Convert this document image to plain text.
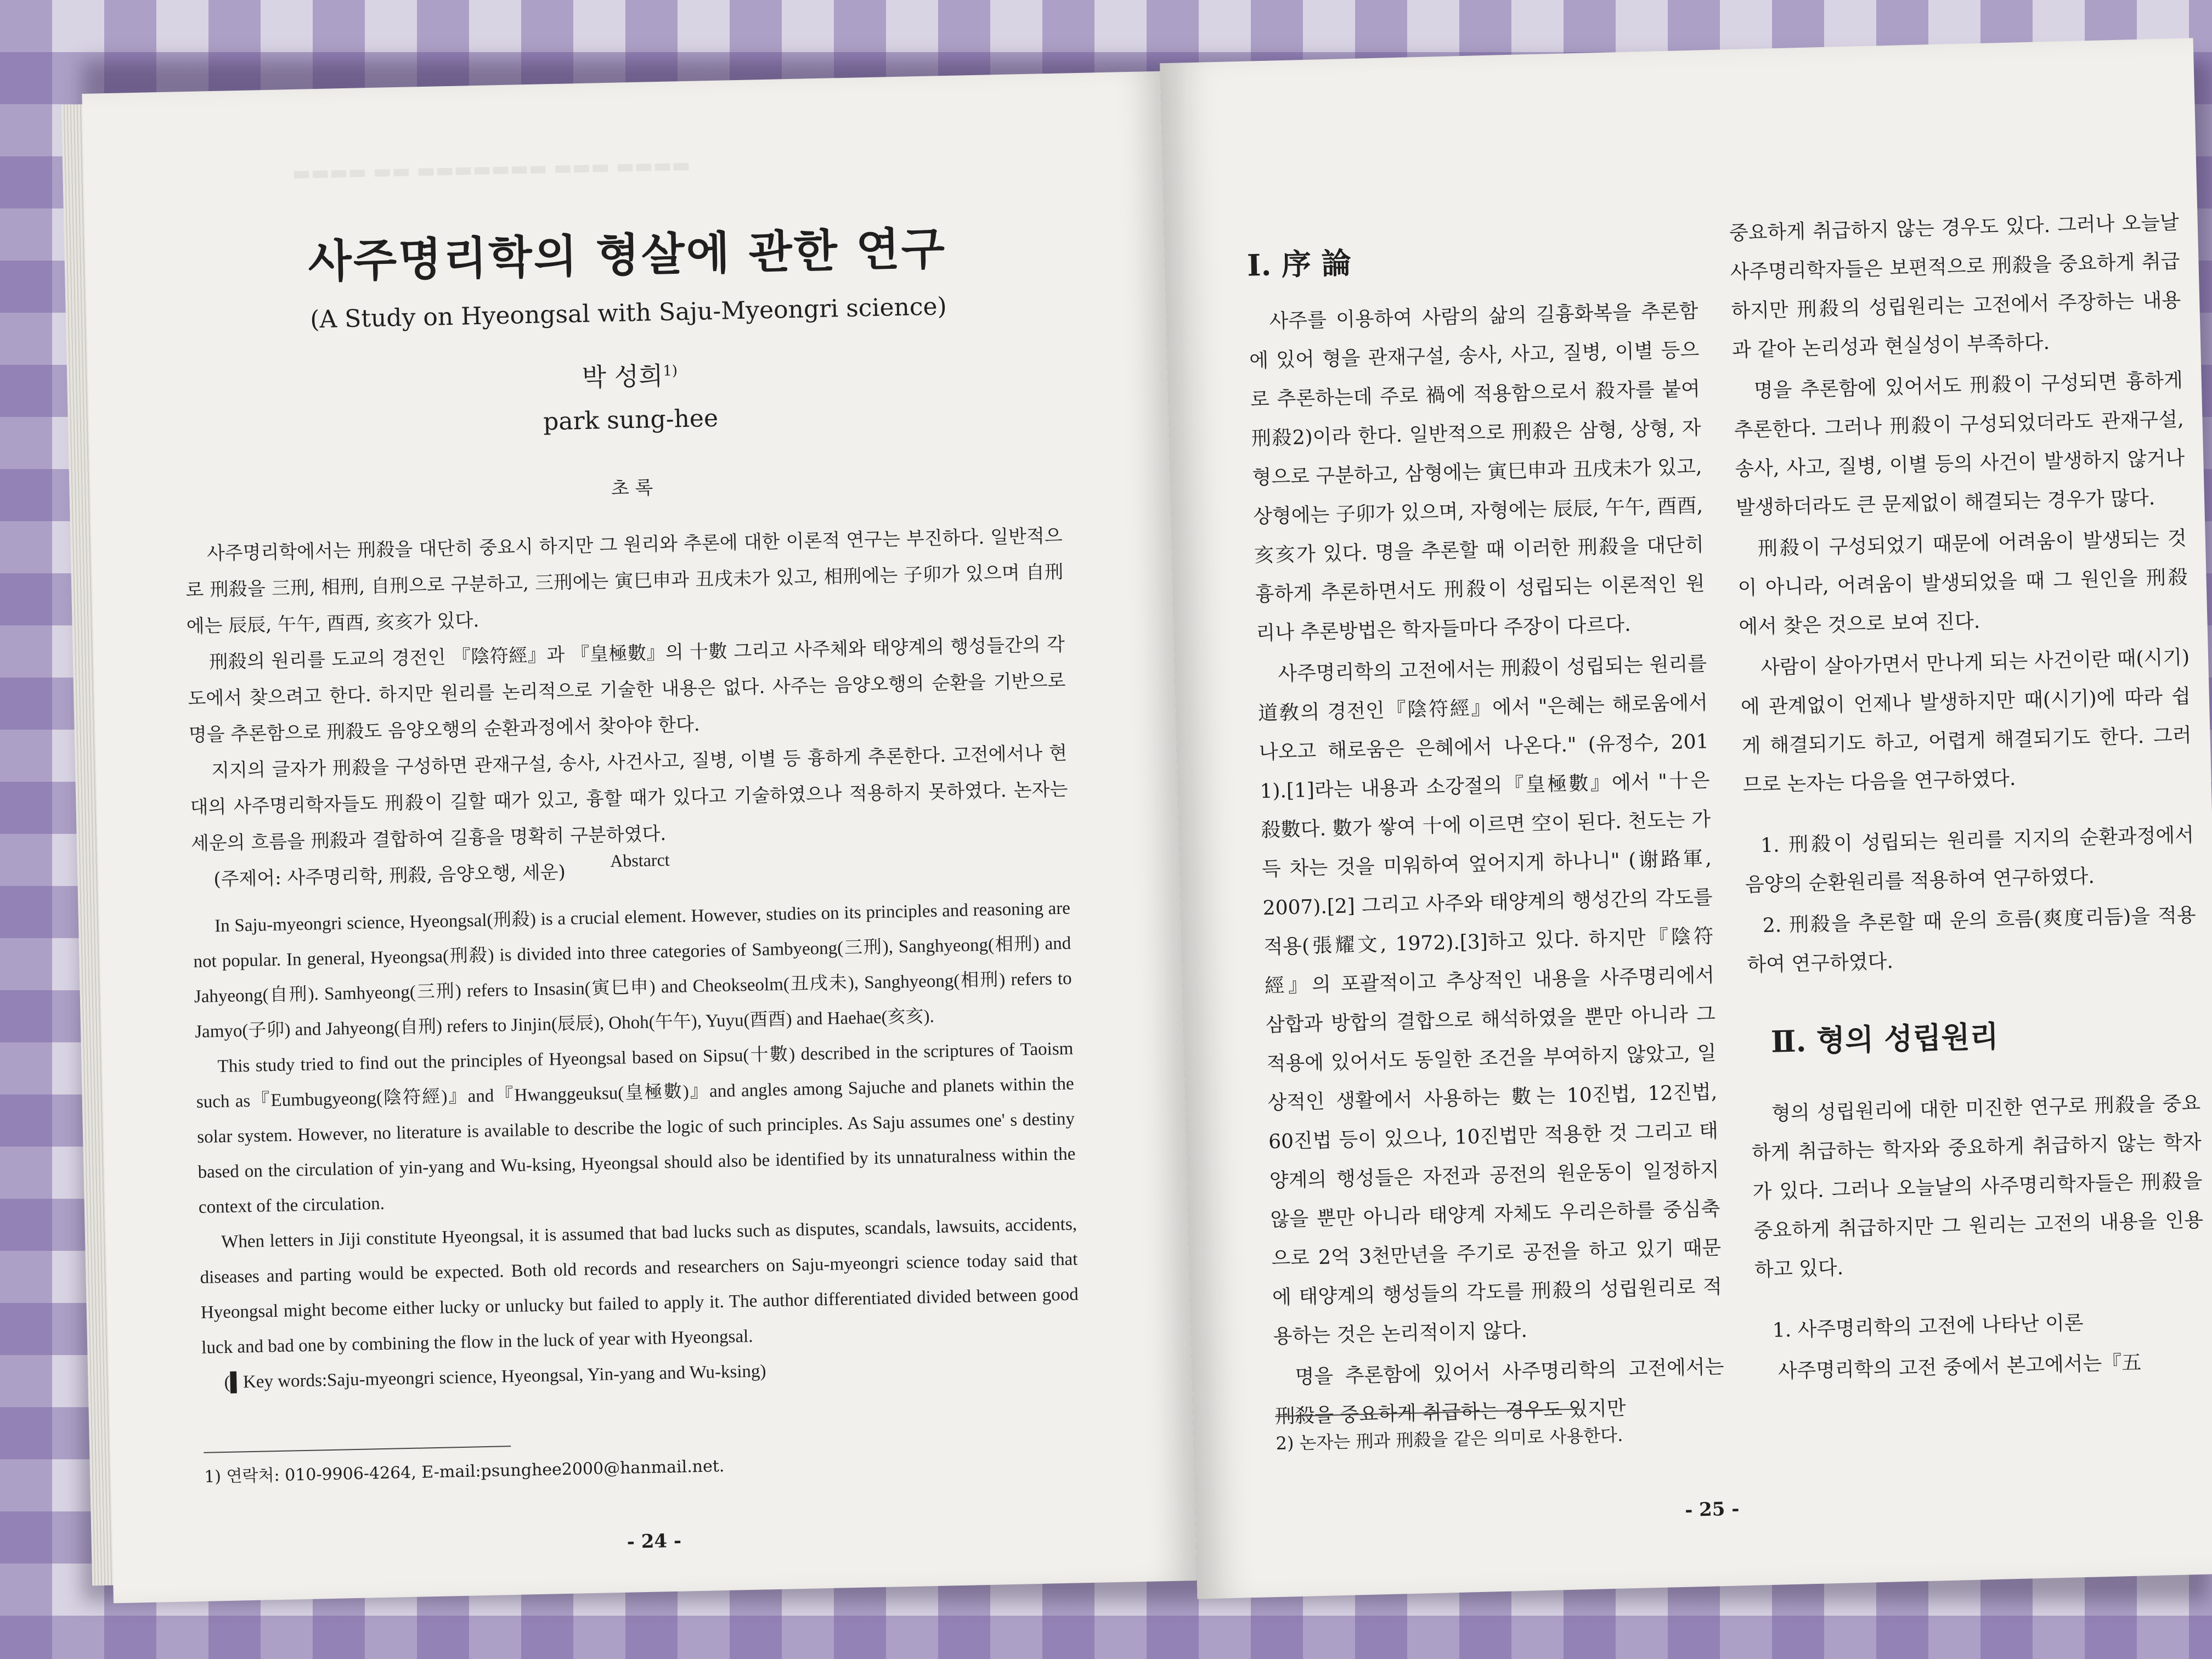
▬▬▬▬ ▬▬ ▬▬▬▬▬▬▬ ▬▬▬ ▬▬▬▬
사주명리학의 형살에 관한 연구
(A Study on Hyeongsal with Saju-Myeongri science)
박 성희$^{1)}$
park sung-hee
초 록

사주명리학에서는 刑殺을 대단히 중요시 하지만 그 원리와 추론에 대한 이론적 연구는 부진하다. 일반적으로 刑殺을 三刑, 相刑, 自刑으로 구분하고, 三刑에는 寅巳申과 丑戌未가 있고, 相刑에는 子卯가 있으며 自刑에는 辰辰, 午午, 酉酉, 亥亥가 있다.

刑殺의 원리를 도교의 경전인 『陰符經』과 『皇極數』의 十數 그리고 사주체와 태양계의 행성들간의 각도에서 찾으려고 한다. 하지만 원리를 논리적으로 기술한 내용은 없다. 사주는 음양오행의 순환을 기반으로 명을 추론함으로 刑殺도 음양오행의 순환과정에서 찾아야 한다.

지지의 글자가 刑殺을 구성하면 관재구설, 송사, 사건사고, 질병, 이별 등 흉하게 추론한다. 고전에서나 현대의 사주명리학자들도 刑殺이 길할 때가 있고, 흉할 때가 있다고 기술하였으나 적용하지 못하였다. 논자는 세운의 흐름을 刑殺과 결합하여 길흉을 명확히 구분하였다.

(주제어: 사주명리학, 刑殺, 음양오행, 세운)

Abstarct

In Saju-myeongri science, Hyeongsal(刑殺) is a crucial element. However, studies on its principles and reasoning are not popular. In general, Hyeongsa(刑殺) is divided into three categories of Sambyeong(三刑), Sanghyeong(相刑) and Jahyeong(自刑). Samhyeong(三刑) refers to Insasin(寅巳申) and Cheokseolm(丑戌未), Sanghyeong(相刑) refers to Jamyo(子卯) and Jahyeong(自刑) refers to Jinjin(辰辰), Ohoh(午午), Yuyu(酉酉) and Haehae(亥亥).

This study tried to find out the principles of Hyeongsal based on Sipsu(十數) described in the scriptures of Taoism such as『Eumbugyeong(陰符經)』and『Hwanggeuksu(皇極數)』and angles among Sajuche and planets within the solar system. However, no literature is available to describe the logic of such principles. As Saju assumes one' s destiny based on the circulation of yin-yang and Wu-ksing, Hyeongsal should also be identified by its unnaturalness within the context of the circulation.

When letters in Jiji constitute Hyeongsal, it is assumed that bad lucks such as disputes, scandals, lawsuits, accidents, diseases and parting would be expected. Both old records and researchers on Saju-myeongri science today said that Hyeongsal might become either lucky or unlucky but failed to apply it. The author differentiated divided between good luck and bad one by combining the flow in the luck of year with Hyeongsal.

(▌Key words:Saju-myeongri science, Hyeongsal, Yin-yang and Wu-ksing)

1) 연락처: 010-9906-4264, E-mail:psunghee2000@hanmail.net.
- 24 -
Ⅰ. 序 論

사주를 이용하여 사람의 삶의 길흉화복을 추론함에 있어 형을 관재구설, 송사, 사고, 질병, 이별 등으로 추론하는데 주로 禍에 적용함으로서 殺자를 붙여 刑殺2)이라 한다. 일반적으로 刑殺은 삼형, 상형, 자형으로 구분하고, 삼형에는 寅巳申과 丑戌未가 있고, 상형에는 子卯가 있으며, 자형에는 辰辰, 午午, 酉酉, 亥亥가 있다. 명을 추론할 때 이러한 刑殺을 대단히 흉하게 추론하면서도 刑殺이 성립되는 이론적인 원리나 추론방법은 학자들마다 주장이 다르다.

사주명리학의 고전에서는 刑殺이 성립되는 원리를 道敎의 경전인『陰符經』에서 "은혜는 해로움에서 나오고 해로움은 은혜에서 나온다." (유정수, 201 1).[1]라는 내용과 소강절의『皇極數』에서 "十은 殺數다. 數가 쌓여 十에 이르면 空이 된다. 천도는 가득 차는 것을 미워하여 엎어지게 하나니" (谢路軍, 2007).[2] 그리고 사주와 태양계의 행성간의 각도를 적용(張耀文, 1972).[3]하고 있다. 하지만『陰符經』의 포괄적이고 추상적인 내용을 사주명리에서 삼합과 방합의 결합으로 해석하였을 뿐만 아니라 그 적용에 있어서도 동일한 조건을 부여하지 않았고, 일상적인 생활에서 사용하는 數는 10진법, 12진법, 60진법 등이 있으나, 10진법만 적용한 것 그리고 태양계의 행성들은 자전과 공전의 원운동이 일정하지 않을 뿐만 아니라 태양계 자체도 우리은하를 중심축으로 2억 3천만년을 주기로 공전을 하고 있기 때문에 태양계의 행성들의 각도를 刑殺의 성립원리로 적용하는 것은 논리적이지 않다.

명을 추론함에 있어서 사주명리학의 고전에서는 刑殺을 중요하게 취급하는 경우도 있지만

2) 논자는 刑과 刑殺을 같은 의미로 사용한다.

중요하게 취급하지 않는 경우도 있다. 그러나 오늘날 사주명리학자들은 보편적으로 刑殺을 중요하게 취급하지만 刑殺의 성립원리는 고전에서 주장하는 내용과 같아 논리성과 현실성이 부족하다.

명을 추론함에 있어서도 刑殺이 구성되면 흉하게 추론한다. 그러나 刑殺이 구성되었더라도 관재구설, 송사, 사고, 질병, 이별 등의 사건이 발생하지 않거나 발생하더라도 큰 문제없이 해결되는 경우가 많다.

刑殺이 구성되었기 때문에 어려움이 발생되는 것이 아니라, 어려움이 발생되었을 때 그 원인을 刑殺에서 찾은 것으로 보여 진다.

사람이 살아가면서 만나게 되는 사건이란 때(시기)에 관계없이 언제나 발생하지만 때(시기)에 따라 쉽게 해결되기도 하고, 어렵게 해결되기도 한다. 그러므로 논자는 다음을 연구하였다.

1. 刑殺이 성립되는 원리를 지지의 순환과정에서 음양의 순환원리를 적용하여 연구하였다.

2. 刑殺을 추론할 때 운의 흐름(爽度리듬)을 적용하여 연구하였다.

Ⅱ. 형의 성립원리

형의 성립원리에 대한 미진한 연구로 刑殺을 중요하게 취급하는 학자와 중요하게 취급하지 않는 학자가 있다. 그러나 오늘날의 사주명리학자들은 刑殺을 중요하게 취급하지만 그 원리는 고전의 내용을 인용하고 있다.

1. 사주명리학의 고전에 나타난 이론

사주명리학의 고전 중에서 본고에서는『五

- 25 -
